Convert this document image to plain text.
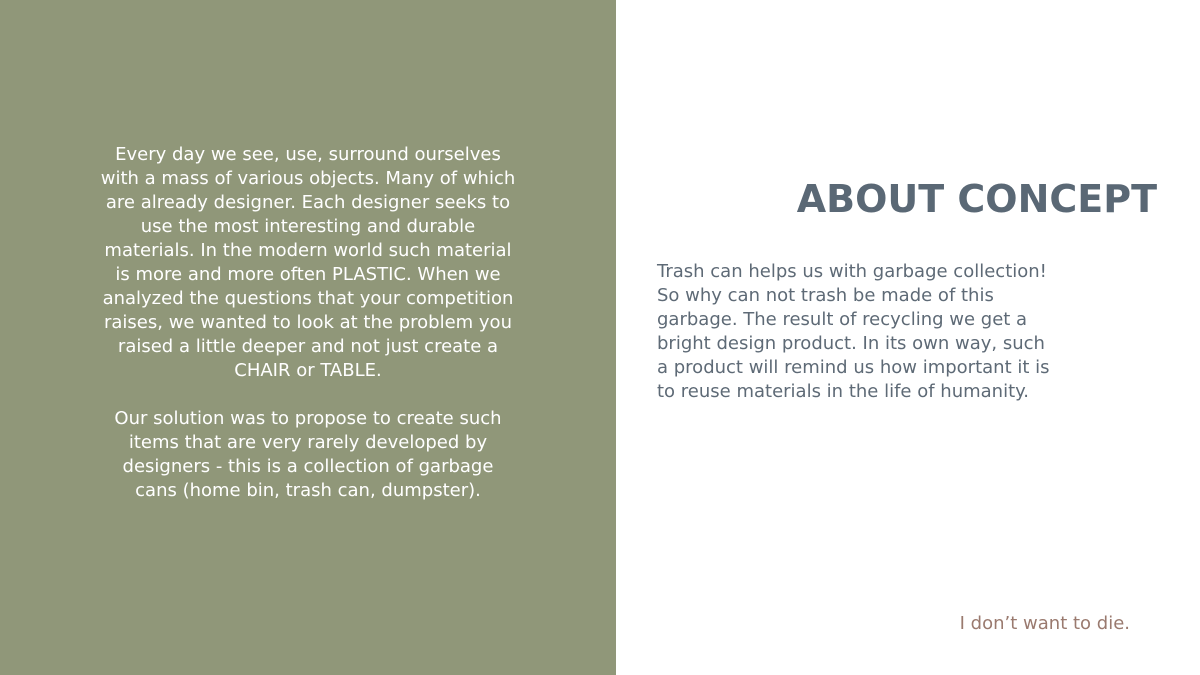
Every day we see, use, surround ourselves with a mass of various objects. Many of which are already designer. Each designer seeks to use the most interesting and durable materials. In the modern world such material is more and more often PLASTIC. When we analyzed the questions that your competition raises, we wanted to look at the problem you raised a little deeper and not just create a CHAIR or TABLE.

Our solution was to propose to create such items that are very rarely developed by designers - this is a collection of garbage cans (home bin, trash can, dumpster).

ABOUT CONCEPT

Trash can helps us with garbage collection! So why can not trash be made of this garbage. The result of recycling we get a bright design product. In its own way, such a product will remind us how important it is to reuse materials in the life of humanity.

I don’t want to die.
